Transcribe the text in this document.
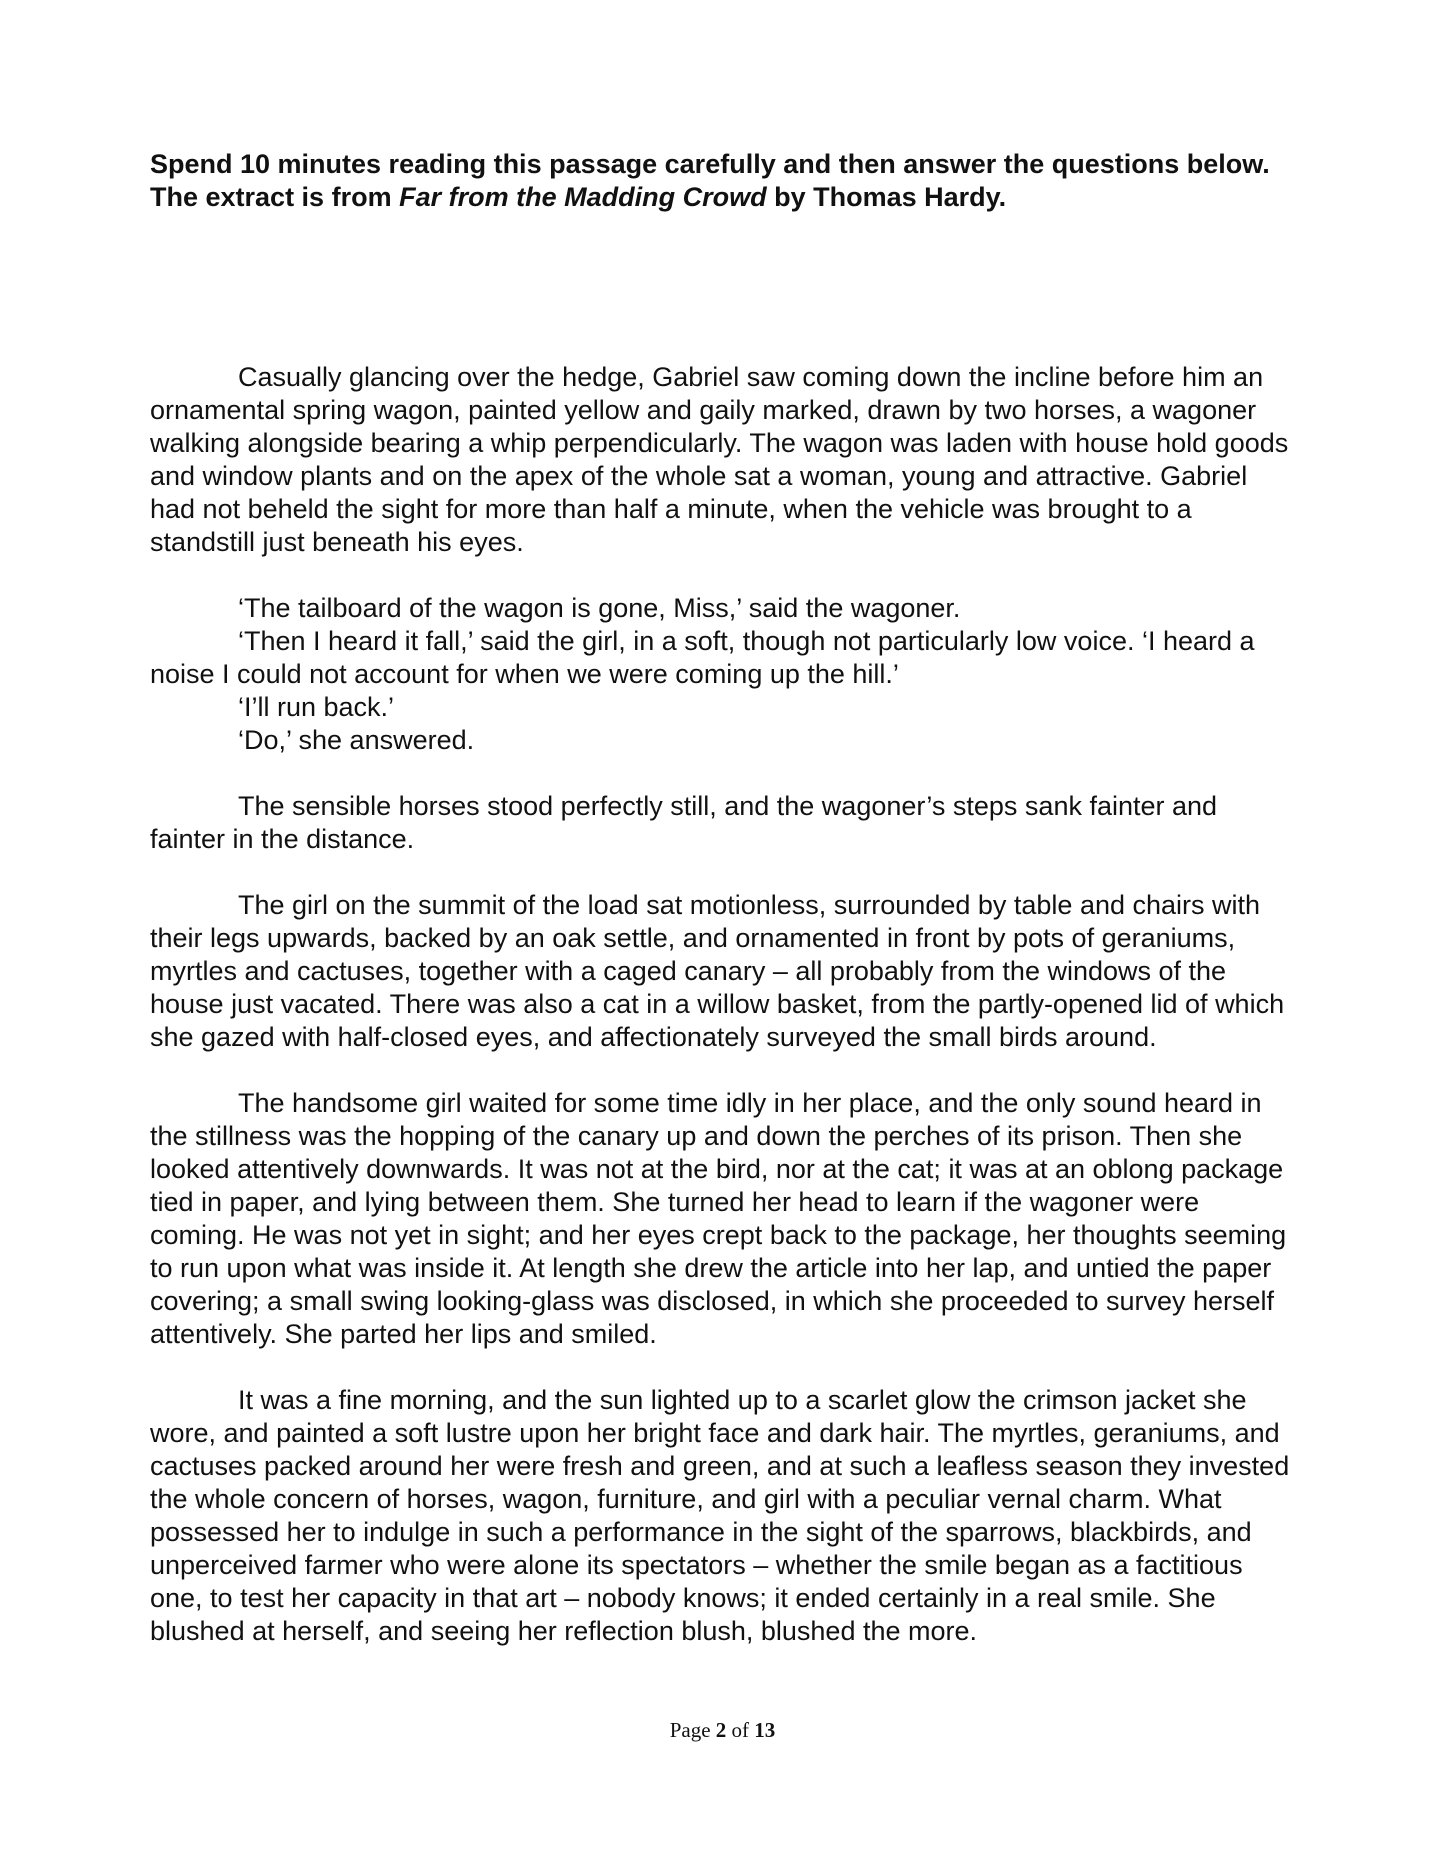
Spend 10 minutes reading this passage carefully and then answer the questions below. The extract is from Far from the Madding Crowd by Thomas Hardy.

Casually glancing over the hedge, Gabriel saw coming down the incline before him an ornamental spring wagon, painted yellow and gaily marked, drawn by two horses, a wagoner walking alongside bearing a whip perpendicularly. The wagon was laden with house hold goods and window plants and on the apex of the whole sat a woman, young and attractive. Gabriel had not beheld the sight for more than half a minute, when the vehicle was brought to a standstill just beneath his eyes.

‘The tailboard of the wagon is gone, Miss,’ said the wagoner.

‘Then I heard it fall,’ said the girl, in a soft, though not particularly low voice. ‘I heard a noise I could not account for when we were coming up the hill.’

‘I’ll run back.’

‘Do,’ she answered.

The sensible horses stood perfectly still, and the wagoner’s steps sank fainter and fainter in the distance.

The girl on the summit of the load sat motionless, surrounded by table and chairs with their legs upwards, backed by an oak settle, and ornamented in front by pots of geraniums, myrtles and cactuses, together with a caged canary – all probably from the windows of the house just vacated. There was also a cat in a willow basket, from the partly-opened lid of which she gazed with half-closed eyes, and affectionately surveyed the small birds around.

The handsome girl waited for some time idly in her place, and the only sound heard in the stillness was the hopping of the canary up and down the perches of its prison. Then she looked attentively downwards. It was not at the bird, nor at the cat; it was at an oblong package tied in paper, and lying between them. She turned her head to learn if the wagoner were coming. He was not yet in sight; and her eyes crept back to the package, her thoughts seeming to run upon what was inside it. At length she drew the article into her lap, and untied the paper covering; a small swing looking-glass was disclosed, in which she proceeded to survey herself attentively. She parted her lips and smiled.

It was a fine morning, and the sun lighted up to a scarlet glow the crimson jacket she wore, and painted a soft lustre upon her bright face and dark hair. The myrtles, geraniums, and cactuses packed around her were fresh and green, and at such a leafless season they invested the whole concern of horses, wagon, furniture, and girl with a peculiar vernal charm. What possessed her to indulge in such a performance in the sight of the sparrows, blackbirds, and unperceived farmer who were alone its spectators – whether the smile began as a factitious one, to test her capacity in that art – nobody knows; it ended certainly in a real smile. She blushed at herself, and seeing her reflection blush, blushed the more.

Page 2 of 13
